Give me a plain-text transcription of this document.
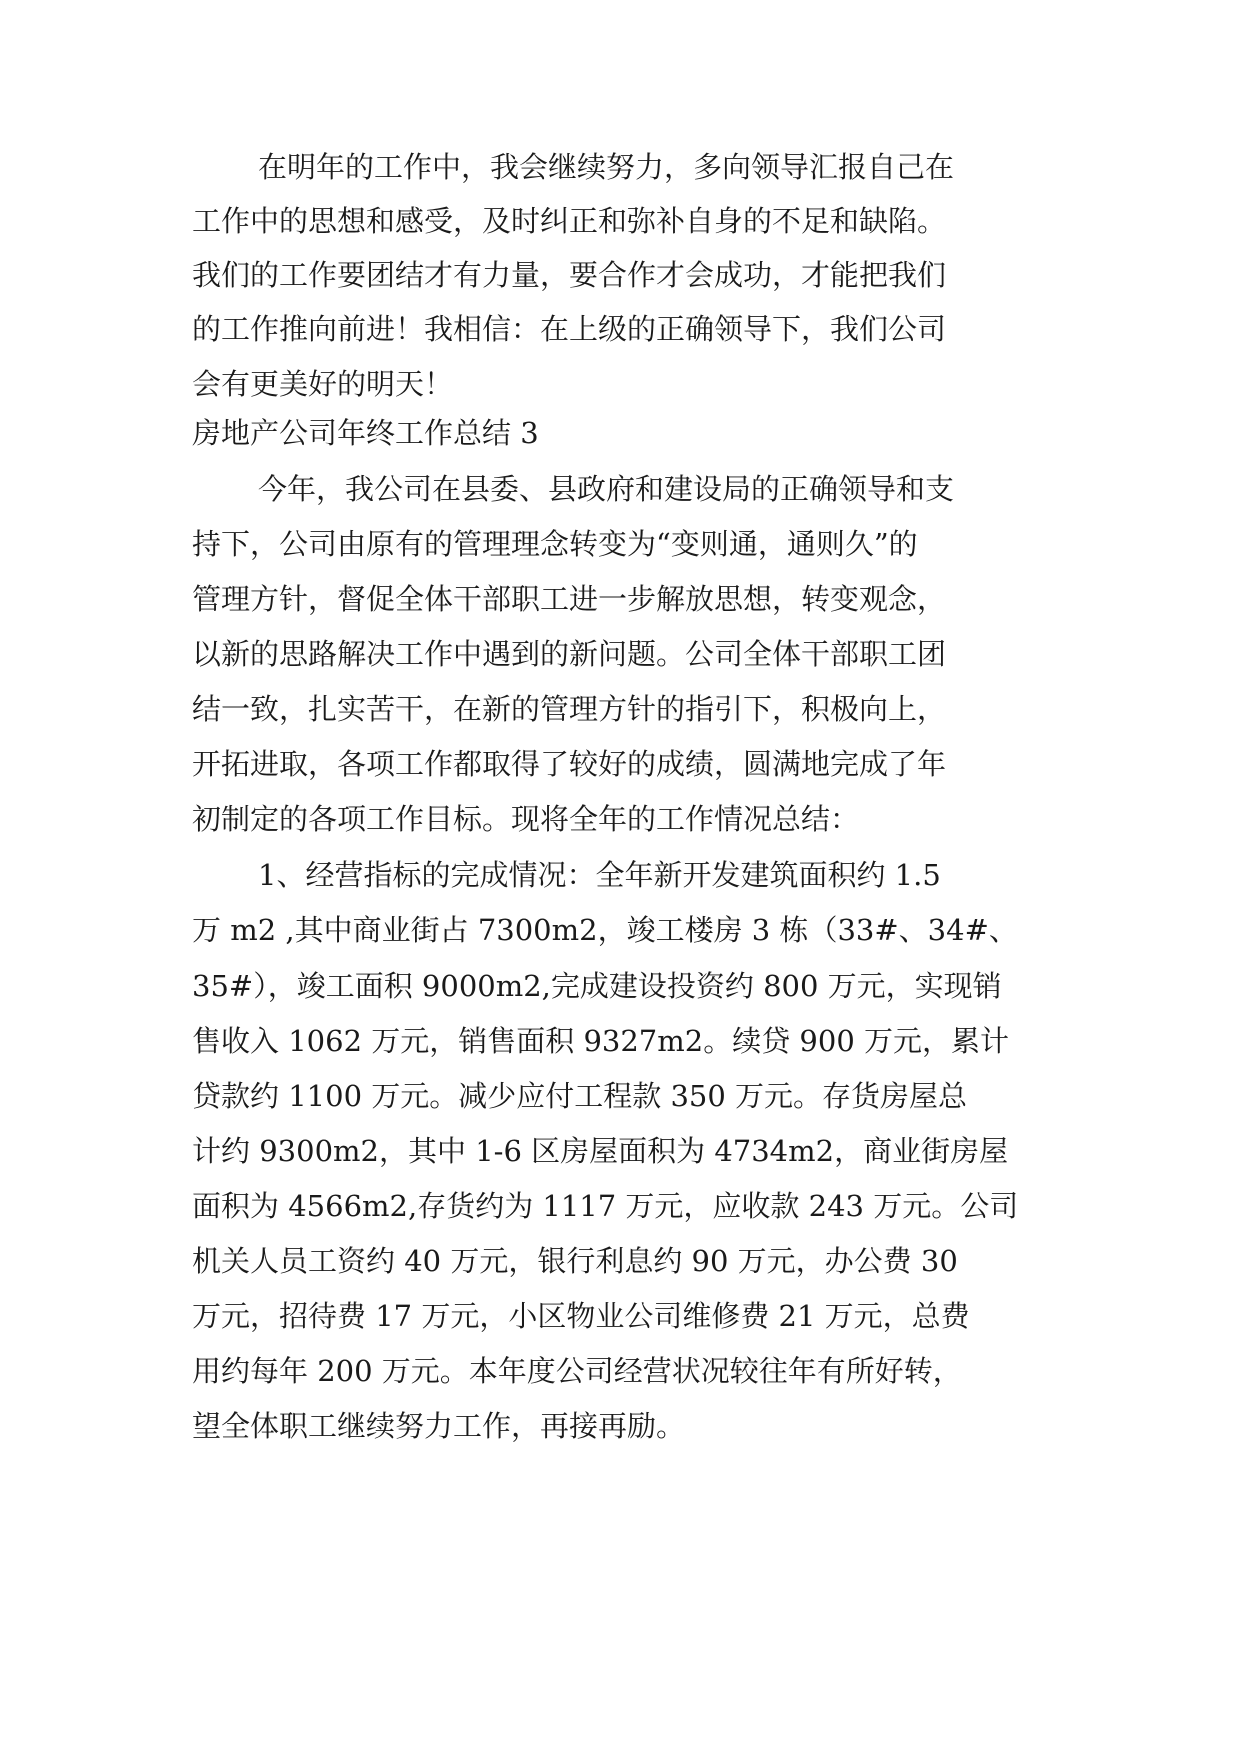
在明年的工作中，我会继续努力，多向领导汇报自己在
工作中的思想和感受，及时纠正和弥补自身的不足和缺陷。
我们的工作要团结才有力量，要合作才会成功，才能把我们
的工作推向前进！我相信：在上级的正确领导下，我们公司
会有更美好的明天！
房地产公司年终工作总结 3
今年，我公司在县委、县政府和建设局的正确领导和支
持下，公司由原有的管理理念转变为“变则通，通则久”的
管理方针，督促全体干部职工进一步解放思想，转变观念，
以新的思路解决工作中遇到的新问题。公司全体干部职工团
结一致，扎实苦干，在新的管理方针的指引下，积极向上，
开拓进取，各项工作都取得了较好的成绩，圆满地完成了年
初制定的各项工作目标。现将全年的工作情况总结：
1、经营指标的完成情况：全年新开发建筑面积约 1.5
万 m2 ,其中商业街占 7300m2，竣工楼房 3 栋（33#、34#、
35#），竣工面积 9000m2,完成建设投资约 800 万元，实现销
售收入 1062 万元，销售面积 9327m2。续贷 900 万元，累计
贷款约 1100 万元。减少应付工程款 350 万元。存货房屋总
计约 9300m2，其中 1-6 区房屋面积为 4734m2，商业街房屋
面积为 4566m2,存货约为 1117 万元，应收款 243 万元。公司
机关人员工资约 40 万元，银行利息约 90 万元，办公费 30
万元，招待费 17 万元，小区物业公司维修费 21 万元，总费
用约每年 200 万元。本年度公司经营状况较往年有所好转，
望全体职工继续努力工作，再接再励。
